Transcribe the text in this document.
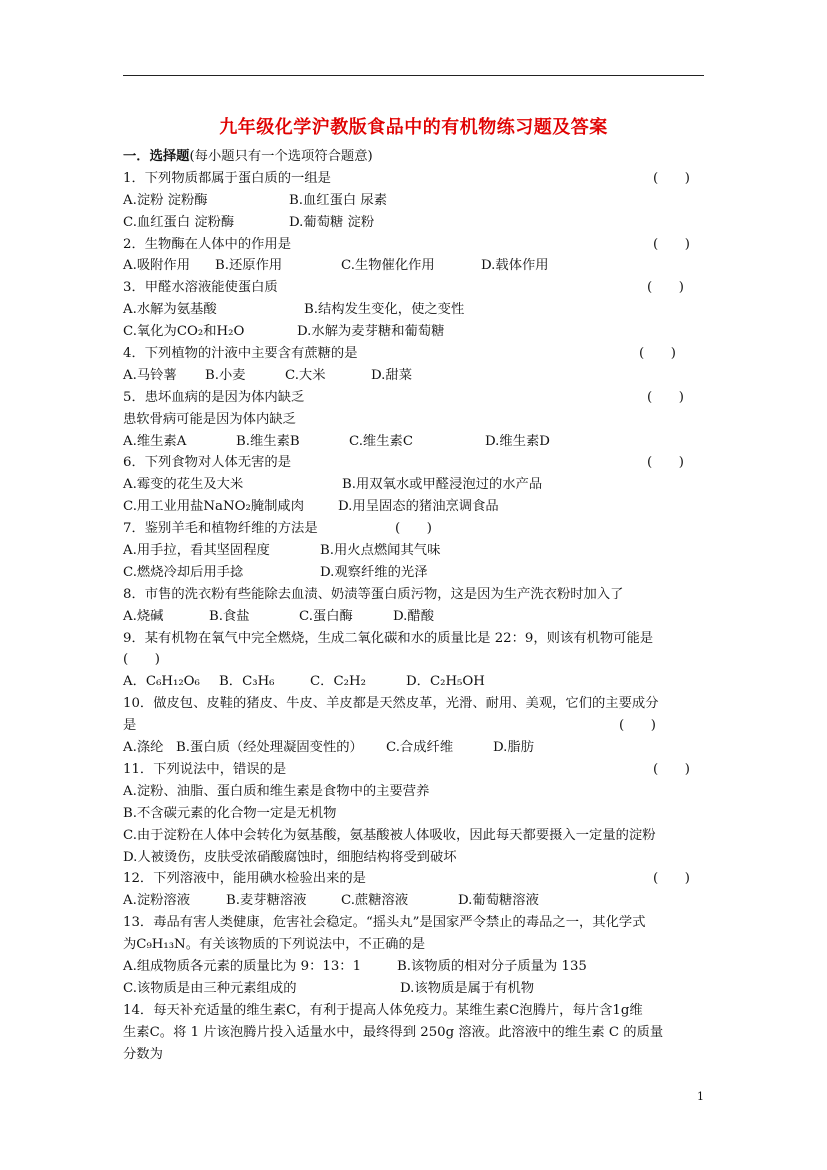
九年级化学沪教版食品中的有机物练习题及答案
一．选择题(每小题只有一个选项符合题意)
1．下列物质都属于蛋白质的一组是	(　　)
A.淀粉 淀粉酶	B.血红蛋白 尿素
C.血红蛋白 淀粉酶	D.葡萄糖 淀粉
2．生物酶在人体中的作用是	(　　)
A.吸附作用 B.还原作用	C.生物催化作用	D.载体作用
3．甲醛水溶液能使蛋白质	(　　)
A.水解为氨基酸	B.结构发生变化，使之变性
C.氧化为CO₂和H₂O	D.水解为麦芽糖和葡萄糖
4．下列植物的汁液中主要含有蔗糖的是	(　　)
A.马铃薯 B.小麦	C.大米	D.甜菜
5．患坏血病的是因为体内缺乏	(　　)
患软骨病可能是因为体内缺乏
A.维生素A	B.维生素B	C.维生素C	D.维生素D
6．下列食物对人体无害的是	(　　)
A.霉变的花生及大米	B.用双氧水或甲醛浸泡过的水产品
C.用工业用盐NaNO₂腌制咸肉	D.用呈固态的猪油烹调食品
7．鉴别羊毛和植物纤维的方法是	(　　)
A.用手拉，看其坚固程度	B.用火点燃闻其气味
C.燃烧冷却后用手捻	D.观察纤维的光泽
8．市售的洗衣粉有些能除去血渍、奶渍等蛋白质污物，这是因为生产洗衣粉时加入了
A.烧碱	B.食盐	C.蛋白酶	D.醋酸
9．某有机物在氧气中完全燃烧，生成二氧化碳和水的质量比是 22：9，则该有机物可能是
(　　)
A．C₆H₁₂O₆ B．C₃H₆	C．C₂H₂	D．C₂H₅OH
10．做皮包、皮鞋的猪皮、牛皮、羊皮都是天然皮革，光滑、耐用、美观，它们的主要成分
是	(　　)
A.涤纶 B.蛋白质（经处理凝固变性的） C.合成纤维	D.脂肪
11．下列说法中，错误的是	(　　)
A.淀粉、油脂、蛋白质和维生素是食物中的主要营养
B.不含碳元素的化合物一定是无机物
C.由于淀粉在人体中会转化为氨基酸，氨基酸被人体吸收，因此每天都要摄入一定量的淀粉
D.人被烫伤，皮肤受浓硝酸腐蚀时，细胞结构将受到破坏
12．下列溶液中，能用碘水检验出来的是	(　　)
A.淀粉溶液	B.麦芽糖溶液	C.蔗糖溶液	D.葡萄糖溶液
13．毒品有害人类健康，危害社会稳定。“摇头丸”是国家严令禁止的毒品之一，其化学式
为C₉H₁₃N。有关该物质的下列说法中，不正确的是
A.组成物质各元素的质量比为 9：13：1	B.该物质的相对分子质量为 135
C.该物质是由三种元素组成的	D.该物质是属于有机物
14．每天补充适量的维生素C，有利于提高人体免疫力。某维生素C泡腾片，每片含1g维
生素C。将 1 片该泡腾片投入适量水中，最终得到 250g 溶液。此溶液中的维生素 C 的质量
分数为
1
